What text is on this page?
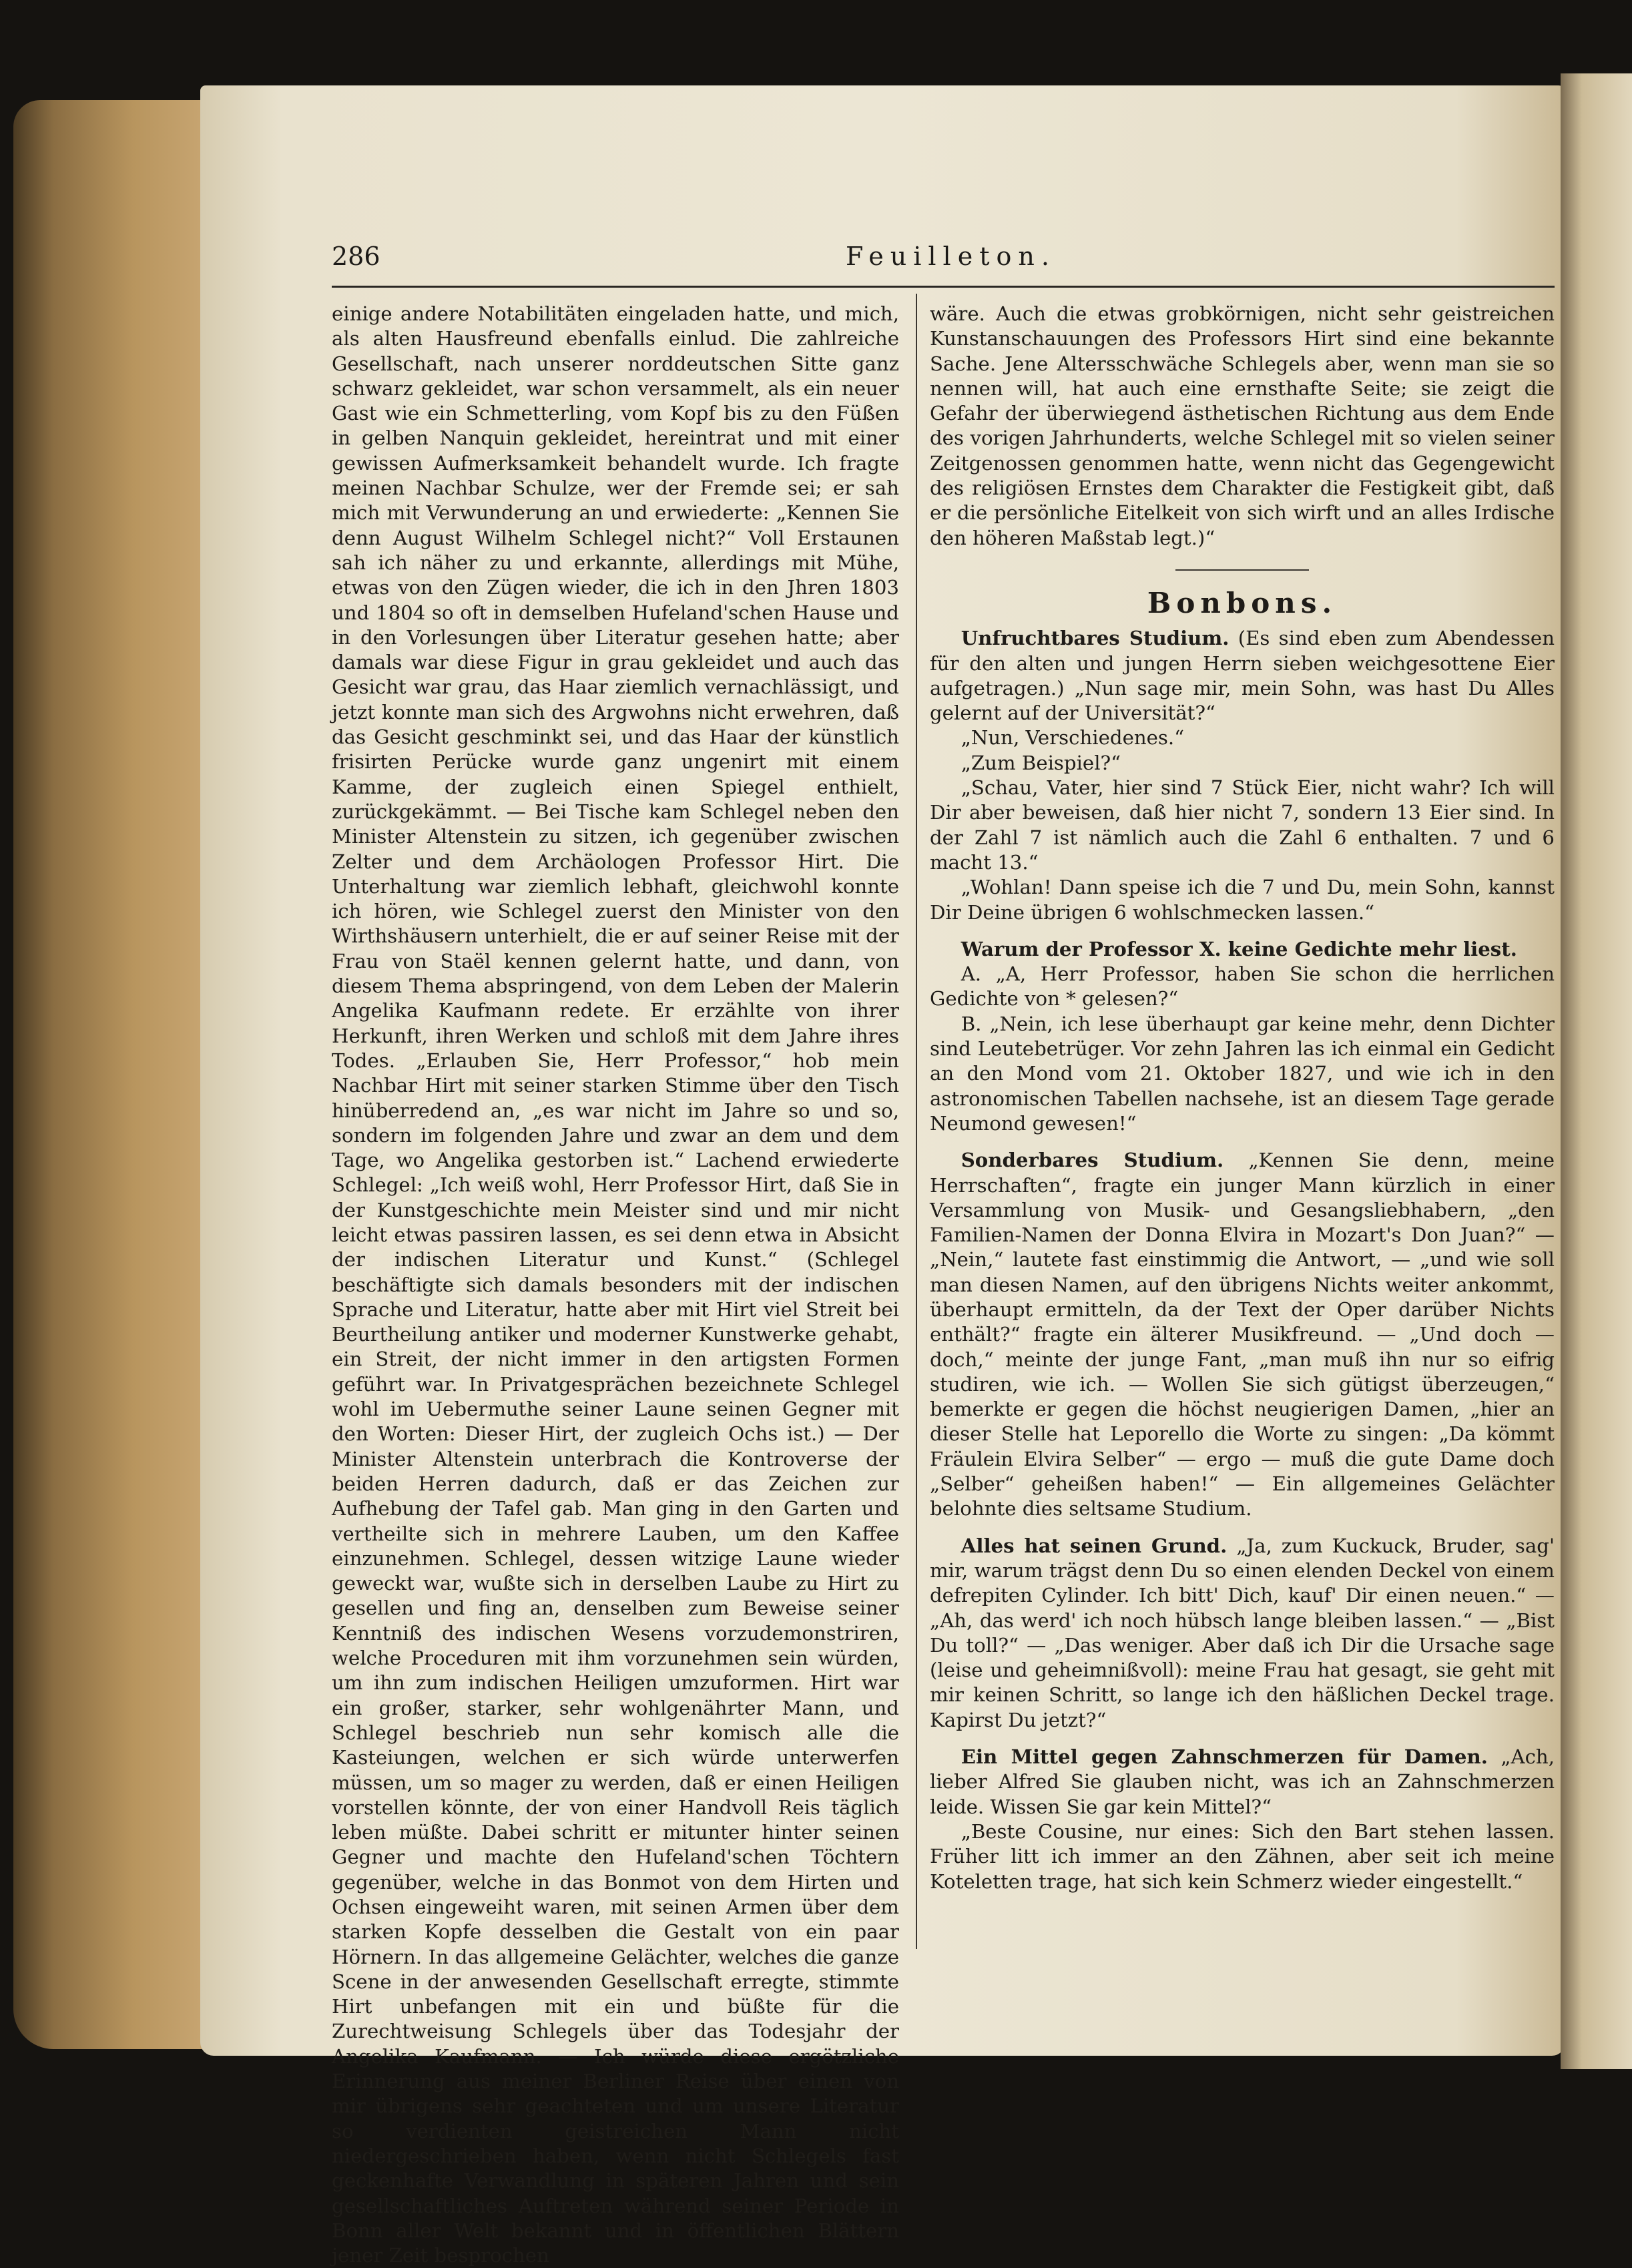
286	Feuilleton.

einige andere Notabilitäten eingeladen hatte, und mich, als alten Hausfreund ebenfalls einlud. Die zahlreiche Gesellschaft, nach unserer norddeutschen Sitte ganz schwarz gekleidet, war schon versammelt, als ein neuer Gast wie ein Schmetterling, vom Kopf bis zu den Füßen in gelben Nanquin gekleidet, hereintrat und mit einer gewissen Aufmerksamkeit behandelt wurde. Ich fragte meinen Nachbar Schulze, wer der Fremde sei; er sah mich mit Verwunderung an und erwiederte: „Kennen Sie denn August Wilhelm Schlegel nicht?“ Voll Erstaunen sah ich näher zu und erkannte, allerdings mit Mühe, etwas von den Zügen wieder, die ich in den Jhren 1803 und 1804 so oft in demselben Hufeland'schen Hause und in den Vorlesungen über Literatur gesehen hatte; aber damals war diese Figur in grau gekleidet und auch das Gesicht war grau, das Haar ziemlich vernachlässigt, und jetzt konnte man sich des Argwohns nicht erwehren, daß das Gesicht geschminkt sei, und das Haar der künstlich frisirten Perücke wurde ganz ungenirt mit einem Kamme, der zugleich einen Spiegel enthielt, zurückgekämmt. — Bei Tische kam Schlegel neben den Minister Altenstein zu sitzen, ich gegenüber zwischen Zelter und dem Archäologen Professor Hirt. Die Unterhaltung war ziemlich lebhaft, gleichwohl konnte ich hören, wie Schlegel zuerst den Minister von den Wirthshäusern unterhielt, die er auf seiner Reise mit der Frau von Staël kennen gelernt hatte, und dann, von diesem Thema abspringend, von dem Leben der Malerin Angelika Kaufmann redete. Er erzählte von ihrer Herkunft, ihren Werken und schloß mit dem Jahre ihres Todes. „Erlauben Sie, Herr Professor,“ hob mein Nachbar Hirt mit seiner starken Stimme über den Tisch hinüberredend an, „es war nicht im Jahre so und so, sondern im folgenden Jahre und zwar an dem und dem Tage, wo Angelika gestorben ist.“ Lachend erwiederte Schlegel: „Ich weiß wohl, Herr Professor Hirt, daß Sie in der Kunstgeschichte mein Meister sind und mir nicht leicht etwas passiren lassen, es sei denn etwa in Absicht der indischen Literatur und Kunst.“ (Schlegel beschäftigte sich damals besonders mit der indischen Sprache und Literatur, hatte aber mit Hirt viel Streit bei Beurtheilung antiker und moderner Kunstwerke gehabt, ein Streit, der nicht immer in den artigsten Formen geführt war. In Privatgesprächen bezeichnete Schlegel wohl im Uebermuthe seiner Laune seinen Gegner mit den Worten: Dieser Hirt, der zugleich Ochs ist.) — Der Minister Altenstein unterbrach die Kontroverse der beiden Herren dadurch, daß er das Zeichen zur Aufhebung der Tafel gab. Man ging in den Garten und vertheilte sich in mehrere Lauben, um den Kaffee einzunehmen. Schlegel, dessen witzige Laune wieder geweckt war, wußte sich in derselben Laube zu Hirt zu gesellen und fing an, denselben zum Beweise seiner Kenntniß des indischen Wesens vorzudemonstriren, welche Proceduren mit ihm vorzunehmen sein würden, um ihn zum indischen Heiligen umzuformen. Hirt war ein großer, starker, sehr wohlgenährter Mann, und Schlegel beschrieb nun sehr komisch alle die Kasteiungen, welchen er sich würde unterwerfen müssen, um so mager zu werden, daß er einen Heiligen vorstellen könnte, der von einer Handvoll Reis täglich leben müßte. Dabei schritt er mitunter hinter seinen Gegner und machte den Hufeland'schen Töchtern gegenüber, welche in das Bonmot von dem Hirten und Ochsen eingeweiht waren, mit seinen Armen über dem starken Kopfe desselben die Gestalt von ein paar Hörnern. In das allgemeine Gelächter, welches die ganze Scene in der anwesenden Gesellschaft erregte, stimmte Hirt unbefangen mit ein und büßte für die Zurechtweisung Schlegels über das Todesjahr der Angelika Kaufmann. — Ich würde diese ergötzliche Erinnerung aus meiner Berliner Reise über einen von mir übrigens sehr geachteten und um unsere Literatur so verdienten geistreichen Mann nicht niedergeschrieben haben, wenn nicht Schlegels fast geckenhafte Verwandlung in späteren Jahren und sein gesellschaftliches Auftreten während seiner Periode in Bonn aller Welt bekannt und in öffentlichen Blättern jener Zeit besprochen

wäre. Auch die etwas grobkörnigen, nicht sehr geistreichen Kunstanschauungen des Professors Hirt sind eine bekannte Sache. Jene Altersschwäche Schlegels aber, wenn man sie so nennen will, hat auch eine ernsthafte Seite; sie zeigt die Gefahr der überwiegend ästhetischen Richtung aus dem Ende des vorigen Jahrhunderts, welche Schlegel mit so vielen seiner Zeitgenossen genommen hatte, wenn nicht das Gegengewicht des religiösen Ernstes dem Charakter die Festigkeit gibt, daß er die persönliche Eitelkeit von sich wirft und an alles Irdische den höheren Maßstab legt.)“

Bonbons.

Unfruchtbares Studium. (Es sind eben zum Abendessen für den alten und jungen Herrn sieben weichgesottene Eier aufgetragen.) „Nun sage mir, mein Sohn, was hast Du Alles gelernt auf der Universität?“

„Nun, Verschiedenes.“

„Zum Beispiel?“

„Schau, Vater, hier sind 7 Stück Eier, nicht wahr? Ich will Dir aber beweisen, daß hier nicht 7, sondern 13 Eier sind. In der Zahl 7 ist nämlich auch die Zahl 6 enthalten. 7 und 6 macht 13.“

„Wohlan! Dann speise ich die 7 und Du, mein Sohn, kannst Dir Deine übrigen 6 wohlschmecken lassen.“

Warum der Professor X. keine Gedichte mehr liest.

A. „A, Herr Professor, haben Sie schon die herrlichen Gedichte von * gelesen?“

B. „Nein, ich lese überhaupt gar keine mehr, denn Dichter sind Leutebetrüger. Vor zehn Jahren las ich einmal ein Gedicht an den Mond vom 21. Oktober 1827, und wie ich in den astronomischen Tabellen nachsehe, ist an diesem Tage gerade Neumond gewesen!“

Sonderbares Studium. „Kennen Sie denn, meine Herrschaften“, fragte ein junger Mann kürzlich in einer Versammlung von Musik- und Gesangsliebhabern, „den Familien-Namen der Donna Elvira in Mozart's Don Juan?“ — „Nein,“ lautete fast einstimmig die Antwort, — „und wie soll man diesen Namen, auf den übrigens Nichts weiter ankommt, überhaupt ermitteln, da der Text der Oper darüber Nichts enthält?“ fragte ein älterer Musikfreund. — „Und doch — doch,“ meinte der junge Fant, „man muß ihn nur so eifrig studiren, wie ich. — Wollen Sie sich gütigst überzeugen,“ bemerkte er gegen die höchst neugierigen Damen, „hier an dieser Stelle hat Leporello die Worte zu singen: „Da kömmt Fräulein Elvira Selber“ — ergo — muß die gute Dame doch „Selber“ geheißen haben!“ — Ein allgemeines Gelächter belohnte dies seltsame Studium.

Alles hat seinen Grund. „Ja, zum Kuckuck, Bruder, sag' mir, warum trägst denn Du so einen elenden Deckel von einem defrepiten Cylinder. Ich bitt' Dich, kauf' Dir einen neuen.“ — „Ah, das werd' ich noch hübsch lange bleiben lassen.“ — „Bist Du toll?“ — „Das weniger. Aber daß ich Dir die Ursache sage (leise und geheimnißvoll): meine Frau hat gesagt, sie geht mit mir keinen Schritt, so lange ich den häßlichen Deckel trage. Kapirst Du jetzt?“

Ein Mittel gegen Zahnschmerzen für Damen. „Ach, lieber Alfred Sie glauben nicht, was ich an Zahnschmerzen leide. Wissen Sie gar kein Mittel?“

„Beste Cousine, nur eines: Sich den Bart stehen lassen. Früher litt ich immer an den Zähnen, aber seit ich meine Koteletten trage, hat sich kein Schmerz wieder eingestellt.“
